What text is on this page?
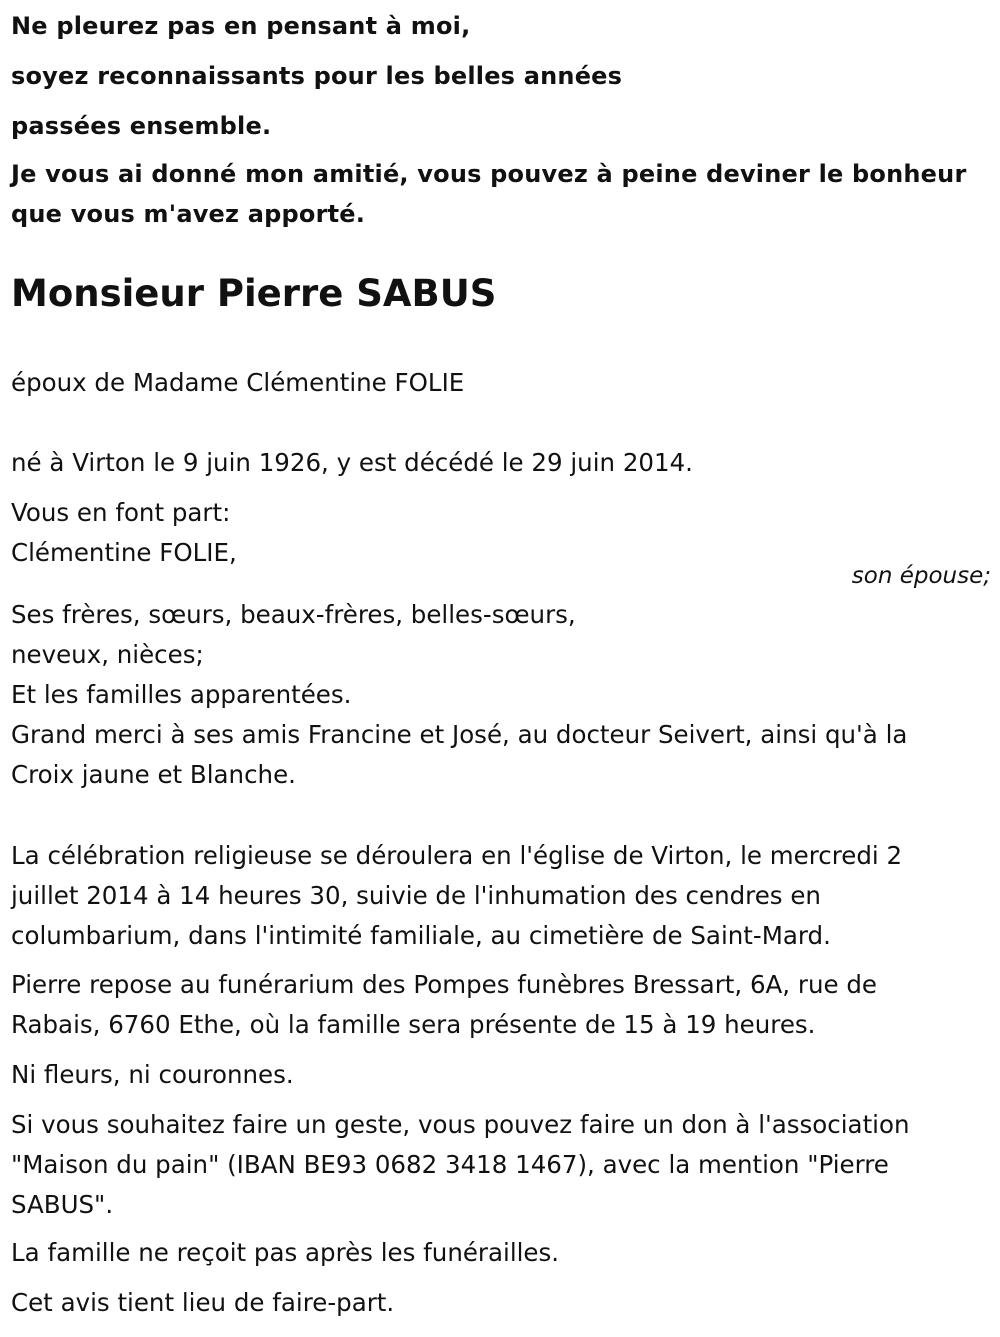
Ne pleurez pas en pensant à moi,
soyez reconnaissants pour les belles années
passées ensemble.
Je vous ai donné mon amitié, vous pouvez à peine deviner le bonheur
que vous m'avez apporté.
Monsieur Pierre SABUS
époux de Madame Clémentine FOLIE
né à Virton le 9 juin 1926, y est décédé le 29 juin 2014.
Vous en font part:
Clémentine FOLIE,
son épouse;
Ses frères, sœurs, beaux-frères, belles-sœurs,
neveux, nièces;
Et les familles apparentées.
Grand merci à ses amis Francine et José, au docteur Seivert, ainsi qu'à la
Croix jaune et Blanche.
La célébration religieuse se déroulera en l'église de Virton, le mercredi 2
juillet 2014 à 14 heures 30, suivie de l'inhumation des cendres en
columbarium, dans l'intimité familiale, au cimetière de Saint-Mard.
Pierre repose au funérarium des Pompes funèbres Bressart, 6A, rue de
Rabais, 6760 Ethe, où la famille sera présente de 15 à 19 heures.
Ni fleurs, ni couronnes.
Si vous souhaitez faire un geste, vous pouvez faire un don à l'association
"Maison du pain" (IBAN BE93 0682 3418 1467), avec la mention "Pierre
SABUS".
La famille ne reçoit pas après les funérailles.
Cet avis tient lieu de faire-part.
